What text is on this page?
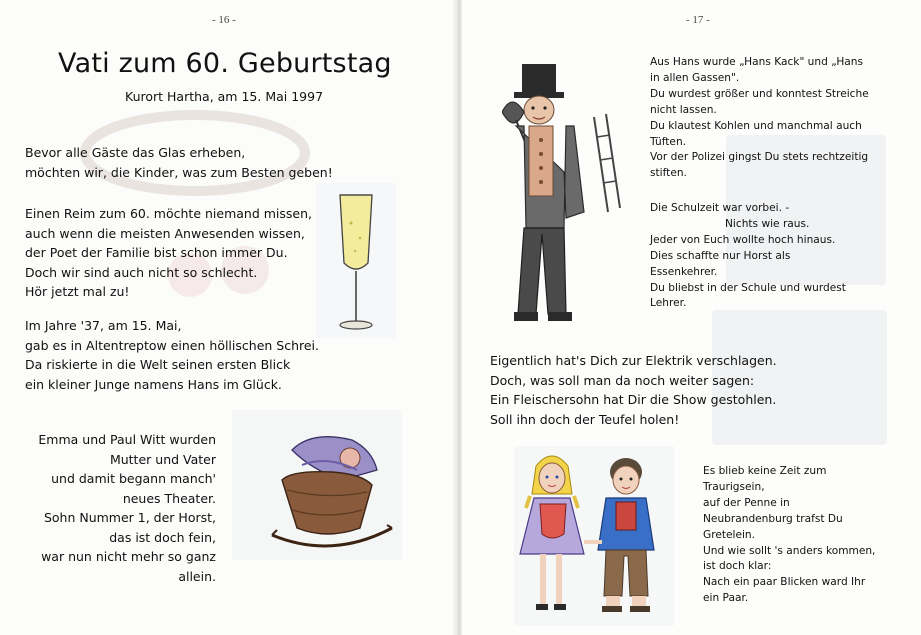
- 16 -
Vati zum 60. Geburtstag
Kurort Hartha, am 15. Mai 1997
Bevor alle Gäste das Glas erheben,
möchten wir, die Kinder, was zum Besten geben!
Einen Reim zum 60. möchte niemand missen,
auch wenn die meisten Anwesenden wissen,
der Poet der Familie bist schon immer Du.
Doch wir sind auch nicht so schlecht.
Hör jetzt mal zu!
Im Jahre '37, am 15. Mai,
gab es in Altentreptow einen höllischen Schrei.
Da riskierte in die Welt seinen ersten Blick
ein kleiner Junge namens Hans im Glück.
Emma und Paul Witt wurden
Mutter und Vater
und damit begann manch'
neues Theater.
Sohn Nummer 1, der Horst,
das ist doch fein,
war nun nicht mehr so ganz
allein.
- 17 -
Aus Hans wurde „Hans Kack" und „Hans
in allen Gassen".
Du wurdest größer und konntest Streiche
nicht lassen.
Du klautest Kohlen und manchmal auch
Tüften.
Vor der Polizei gingst Du stets rechtzeitig
stiften.
Die Schulzeit war vorbei. -
Nichts wie raus.
Jeder von Euch wollte hoch hinaus.
Dies schaffte nur Horst als
Essenkehrer.
Du bliebst in der Schule und wurdest
Lehrer.
Eigentlich hat's Dich zur Elektrik verschlagen.
Doch, was soll man da noch weiter sagen:
Ein Fleischersohn hat Dir die Show gestohlen.
Soll ihn doch der Teufel holen!
Es blieb keine Zeit zum
Traurigsein,
auf der Penne in
Neubrandenburg trafst Du
Gretelein.
Und wie sollt 's anders kommen,
ist doch klar:
Nach ein paar Blicken ward Ihr
ein Paar.
